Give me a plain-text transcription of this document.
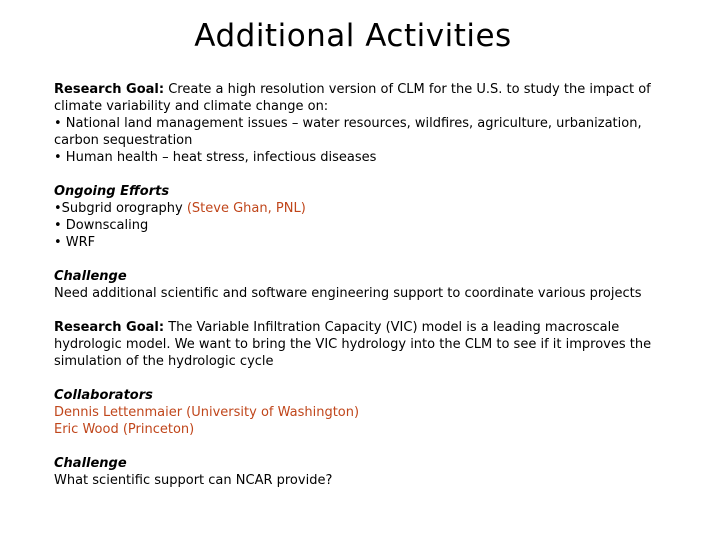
Additional Activities
Research Goal: Create a high resolution version of CLM for the U.S. to study the impact of
climate variability and climate change on:
• National land management issues – water resources, wildfires, agriculture, urbanization,
carbon sequestration
• Human health – heat stress, infectious diseases
Ongoing Efforts
•Subgrid orography (Steve Ghan, PNL)
• Downscaling
• WRF
Challenge
Need additional scientific and software engineering support to coordinate various projects
Research Goal: The Variable Infiltration Capacity (VIC) model is a leading macroscale
hydrologic model. We want to bring the VIC hydrology into the CLM to see if it improves the
simulation of the hydrologic cycle
Collaborators
Dennis Lettenmaier (University of Washington)
Eric Wood (Princeton)
Challenge
What scientific support can NCAR provide?
